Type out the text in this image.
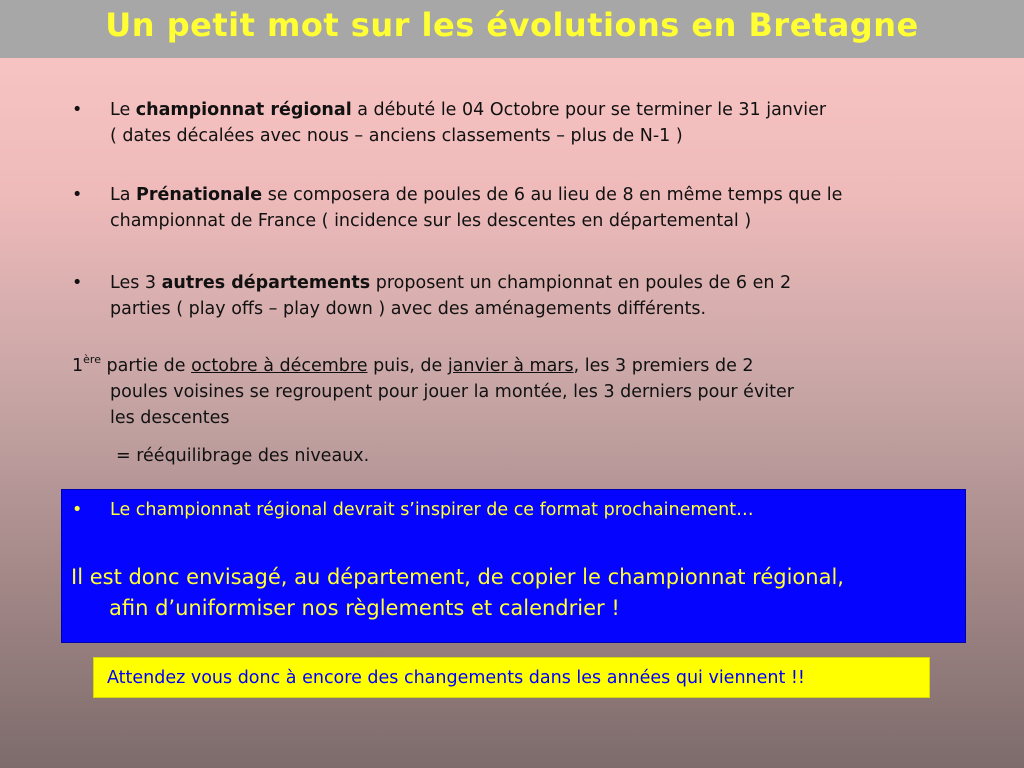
Un petit mot sur les évolutions en Bretagne
• Le championnat régional a débuté le 04 Octobre pour se terminer le 31 janvier
( dates décalées avec nous – anciens classements – plus de N-1 )
• La Prénationale se composera de poules de 6 au lieu de 8 en même temps que le
championnat de France ( incidence sur les descentes en départemental )
• Les 3 autres départements proposent un championnat en poules de 6 en 2
parties ( play offs – play down ) avec des aménagements différents.
1ère partie de octobre à décembre puis, de janvier à mars, les 3 premiers de 2
poules voisines se regroupent pour jouer la montée, les 3 derniers pour éviter
les descentes
= rééquilibrage des niveaux.
• Le championnat régional devrait s’inspirer de ce format prochainement…
Il est donc envisagé, au département, de copier le championnat régional,
afin d’uniformiser nos règlements et calendrier !
Attendez vous donc à encore des changements dans les années qui viennent !!
